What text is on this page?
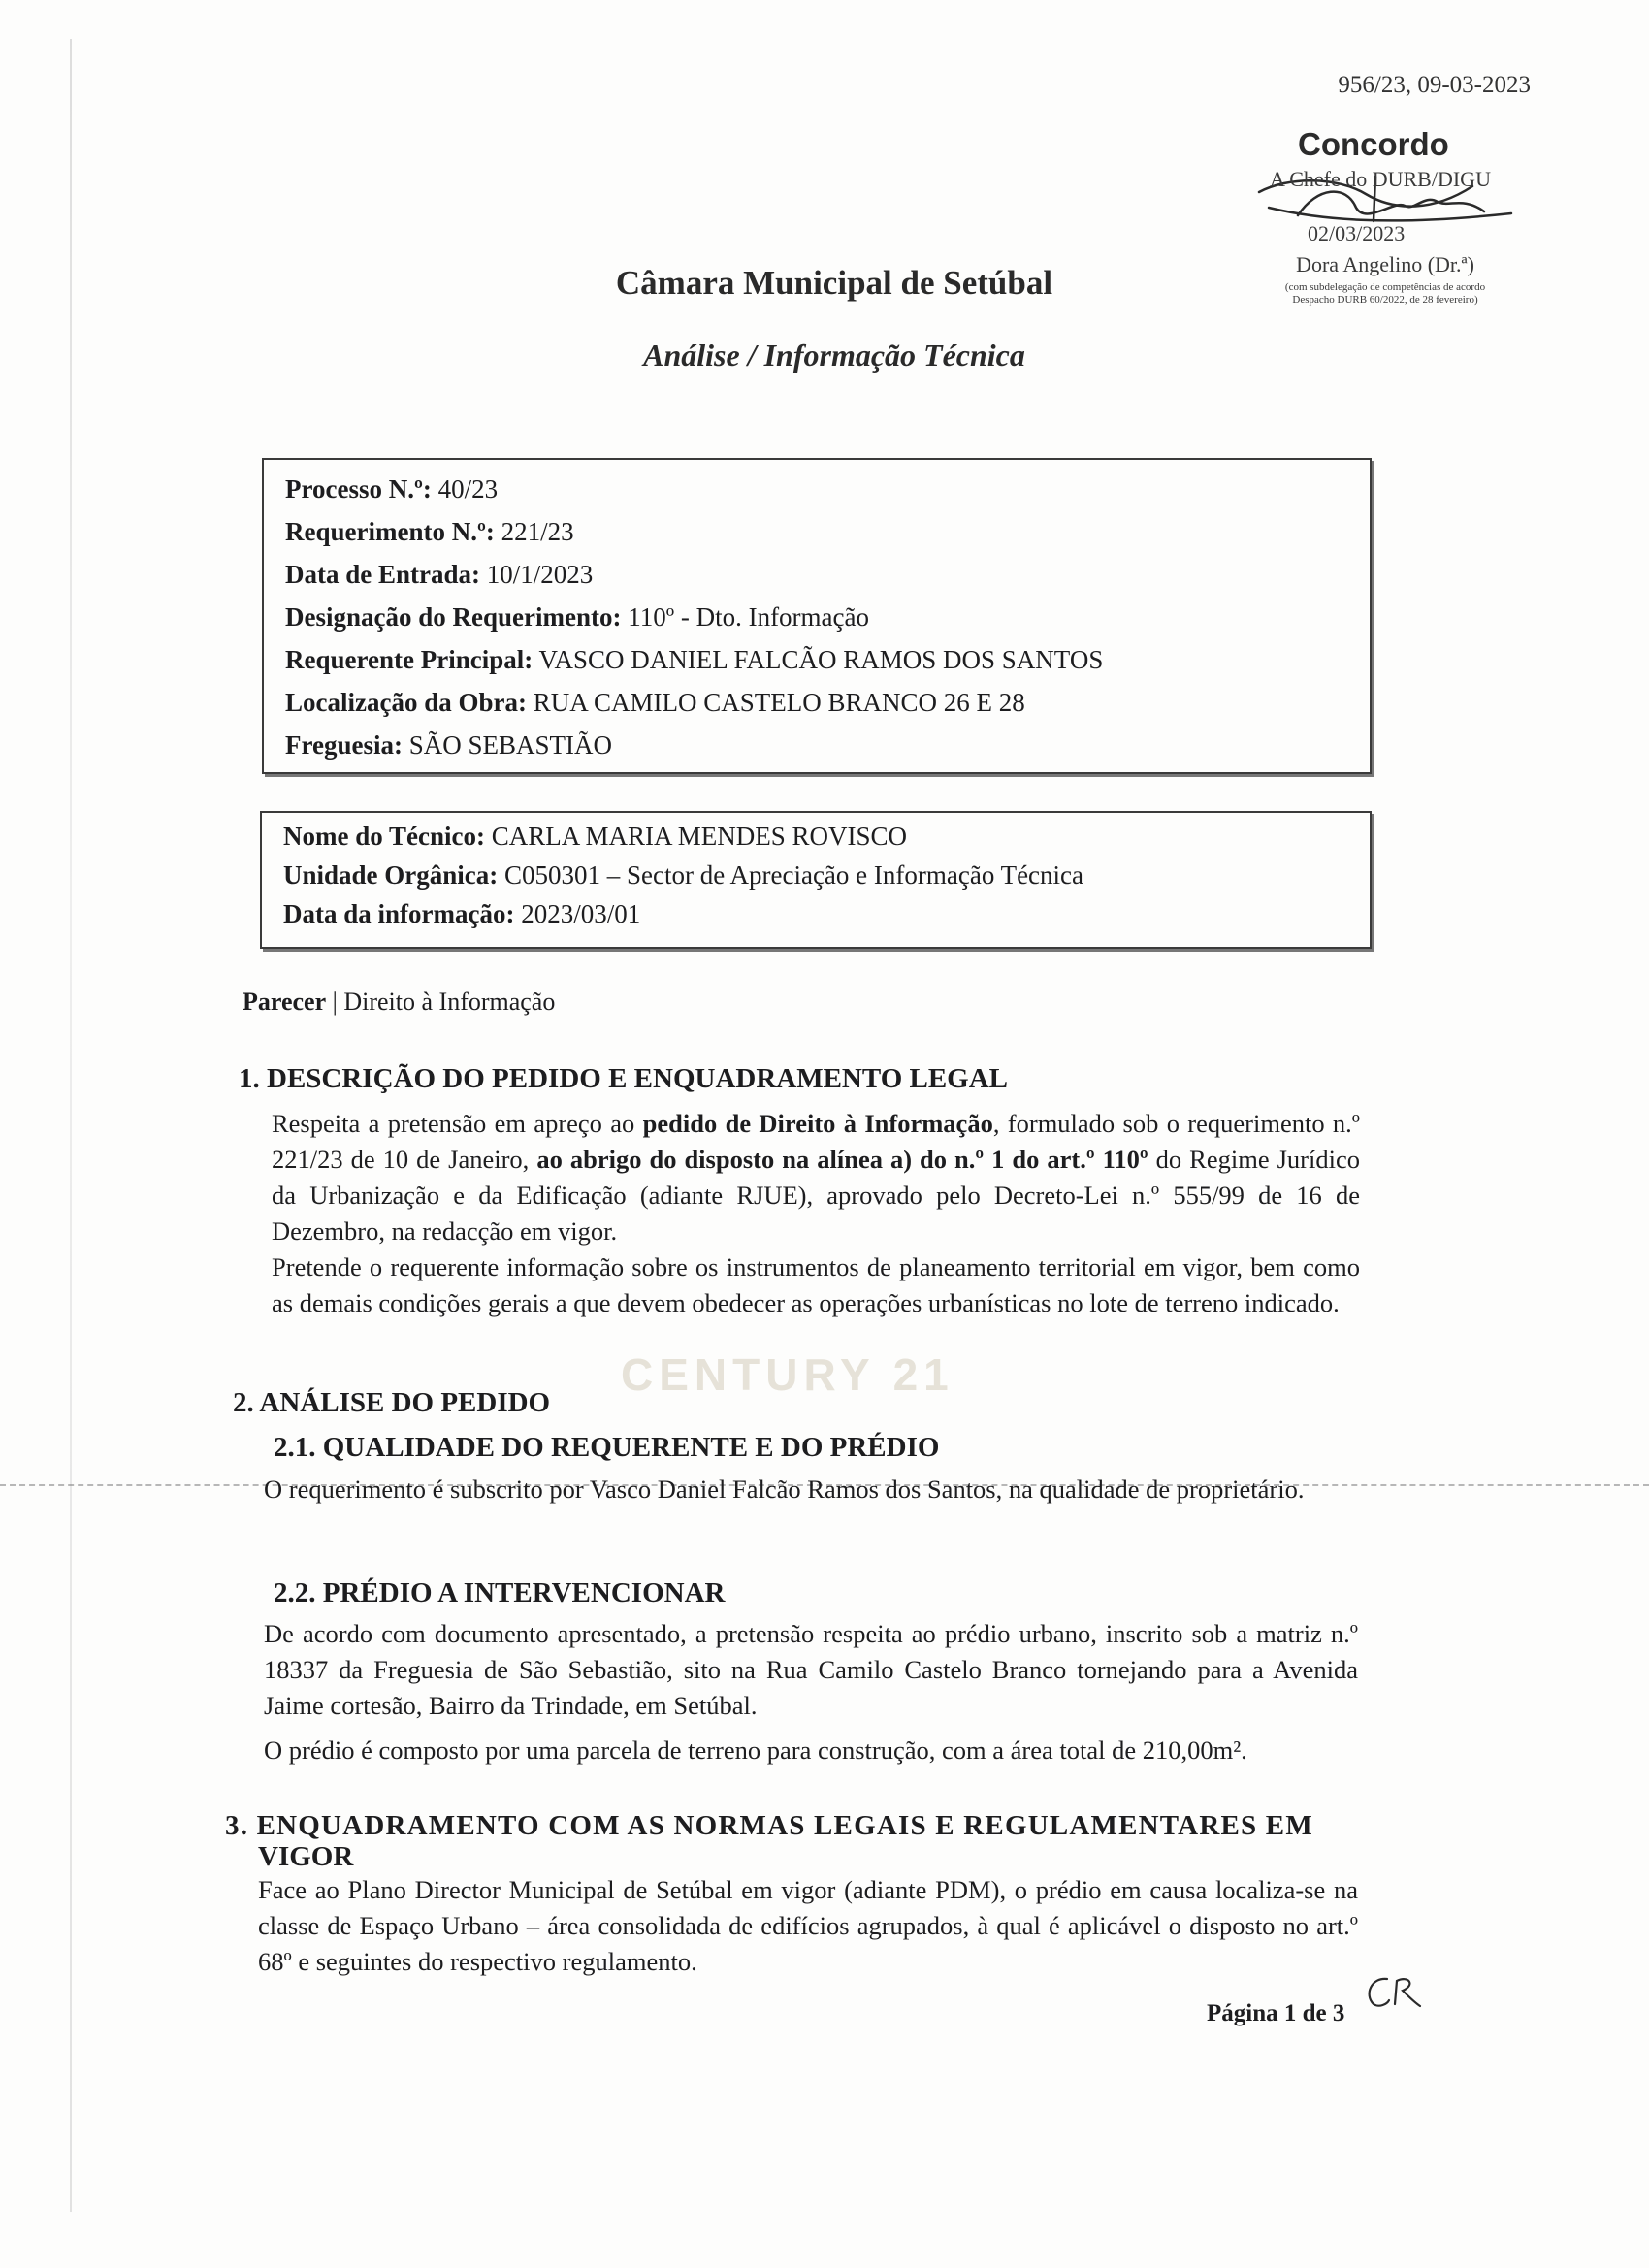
956/23, 09-03-2023
Concordo
A Chefe do DURB/DIGU
02/03/2023
Dora Angelino (Dr.ª)
(com subdelegação de competências de acordo
Despacho DURB 60/2022, de 28 fevereiro)
Câmara Municipal de Setúbal
Análise / Informação Técnica
Processo N.º: 40/23
Requerimento N.º: 221/23
Data de Entrada: 10/1/2023
Designação do Requerimento: 110º - Dto. Informação
Requerente Principal: VASCO DANIEL FALCÃO RAMOS DOS SANTOS
Localização da Obra: RUA CAMILO CASTELO BRANCO 26 E 28
Freguesia: SÃO SEBASTIÃO
Nome do Técnico: CARLA MARIA MENDES ROVISCO
Unidade Orgânica: C050301 – Sector de Apreciação e Informação Técnica
Data da informação: 2023/03/01
Parecer | Direito à Informação
CENTURY 21
1. DESCRIÇÃO DO PEDIDO E ENQUADRAMENTO LEGAL
Respeita a pretensão em apreço ao pedido de Direito à Informação, formulado sob o requerimento n.º 221/23 de 10 de Janeiro, ao abrigo do disposto na alínea a) do n.º 1 do art.º 110º do Regime Jurídico da Urbanização e da Edificação (adiante RJUE), aprovado pelo Decreto-Lei n.º 555/99 de 16 de Dezembro, na redacção em vigor.
Pretende o requerente informação sobre os instrumentos de planeamento territorial em vigor, bem como as demais condições gerais a que devem obedecer as operações urbanísticas no lote de terreno indicado.
2. ANÁLISE DO PEDIDO
2.1. QUALIDADE DO REQUERENTE E DO PRÉDIO
O requerimento é subscrito por Vasco Daniel Falcão Ramos dos Santos, na qualidade de proprietário.
2.2. PRÉDIO A INTERVENCIONAR
De acordo com documento apresentado, a pretensão respeita ao prédio urbano, inscrito sob a matriz n.º 18337 da Freguesia de São Sebastião, sito na Rua Camilo Castelo Branco tornejando para a Avenida Jaime cortesão, Bairro da Trindade, em Setúbal.
O prédio é composto por uma parcela de terreno para construção, com a área total de 210,00m².
3. ENQUADRAMENTO COM AS NORMAS LEGAIS E REGULAMENTARES EM
VIGOR
Face ao Plano Director Municipal de Setúbal em vigor (adiante PDM), o prédio em causa localiza-se na classe de Espaço Urbano – área consolidada de edifícios agrupados, à qual é aplicável o disposto no art.º 68º e seguintes do respectivo regulamento.
Página 1 de 3
